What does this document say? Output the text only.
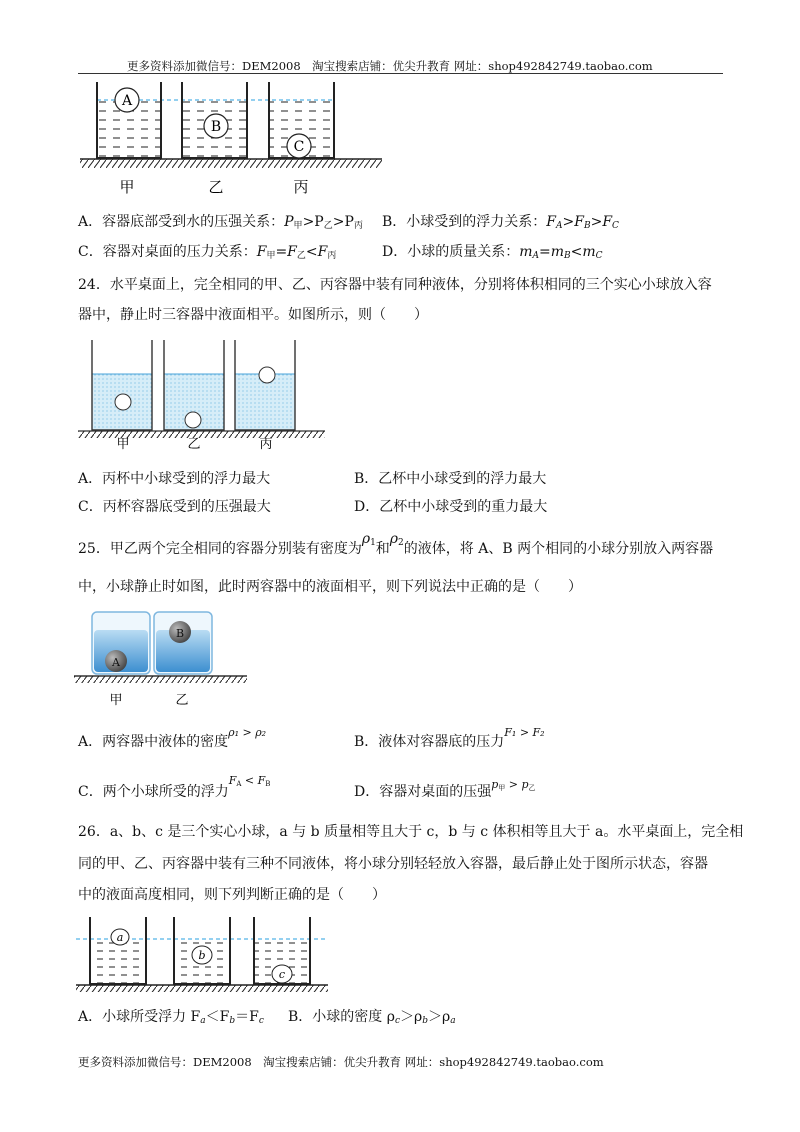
更多资料添加微信号：DEM2008　淘宝搜索店铺：优尖升教育 网址：shop492842749.taobao.com
A
B
C
甲	乙	丙
A．容器底部受到水的压强关系：$P_甲>P_乙>P_丙$ B．小球受到的浮力关系：$F_A>F_B>F_C$
C．容器对桌面的压力关系：$F_甲=F_乙<F_丙$	D．小球的质量关系：$m_A=m_B<m_C$
24．水平桌面上，完全相同的甲、乙、丙容器中装有同种液体，分别将体积相同的三个实心小球放入容
器中，静止时三容器中液面相平。如图所示，则（　　）
甲	乙	丙
A．丙杯中小球受到的浮力最大	B．乙杯中小球受到的浮力最大
C．丙杯容器底受到的压强最大	D．乙杯中小球受到的重力最大
25．甲乙两个完全相同的容器分别装有密度为$\rho^1$和$\rho^2$的液体，将 A、B 两个相同的小球分别放入两容器
中，小球静止时如图，此时两容器中的液面相平，则下列说法中正确的是（　　）
A
B
甲	乙
A．两容器中液体的密度$^{\rho_1 > \rho_2}$
B．液体对容器底的压力$^{F_1 > F_2}$
C．两个小球所受的浮力$^{F_A < F_B}$	D．容器对桌面的压强$^{p_甲 > p_乙}$
26．a、b、c 是三个实心小球，a 与 b 质量相等且大于 c，b 与 c 体积相等且大于 a。水平桌面上，完全相
同的甲、乙、丙容器中装有三种不同液体，将小球分别轻轻放入容器，最后静止处于图所示状态，容器
中的液面高度相同，则下列判断正确的是（　　）
a
b
c
A．小球所受浮力 $F_a<F_b=F_c$ B．小球的密度 $\rho_c>\rho_b>\rho_a$
更多资料添加微信号：DEM2008　淘宝搜索店铺：优尖升教育 网址：shop492842749.taobao.com
